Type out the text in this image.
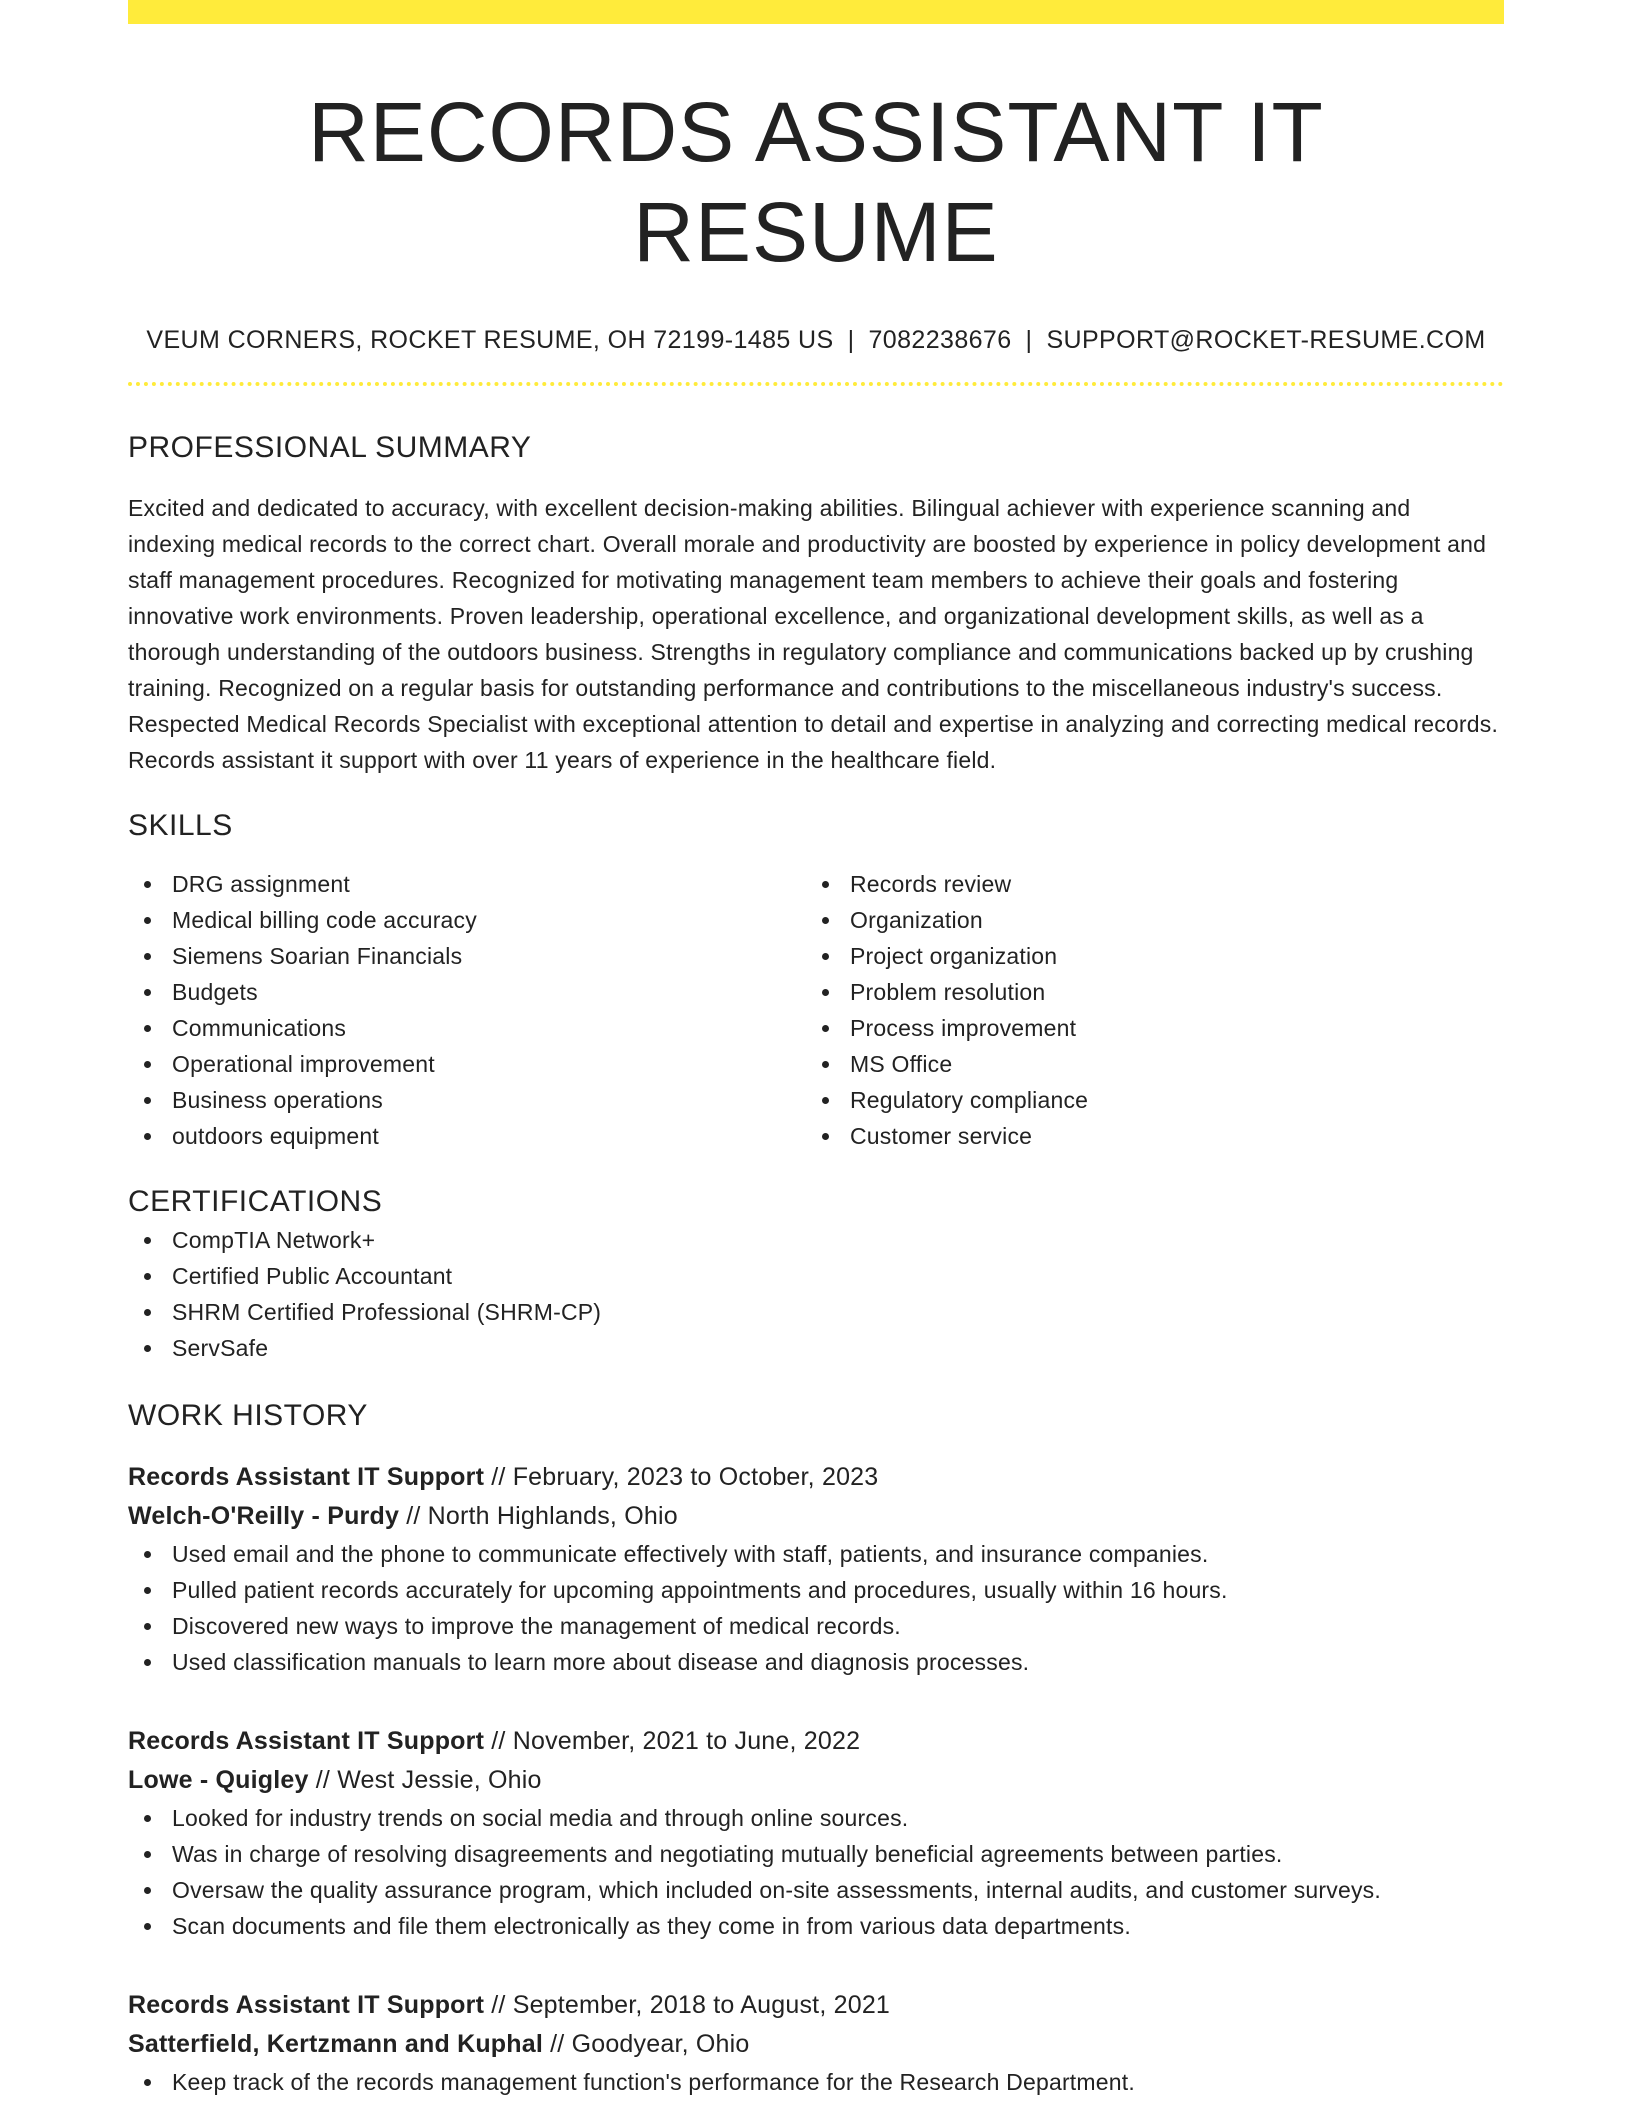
RECORDS ASSISTANT IT RESUME
VEUM CORNERS, ROCKET RESUME, OH 72199-1485 US | 7082238676 | SUPPORT@ROCKET-RESUME.COM
PROFESSIONAL SUMMARY
Excited and dedicated to accuracy, with excellent decision-making abilities. Bilingual achiever with experience scanning and indexing medical records to the correct chart. Overall morale and productivity are boosted by experience in policy development and staff management procedures. Recognized for motivating management team members to achieve their goals and fostering innovative work environments. Proven leadership, operational excellence, and organizational development skills, as well as a thorough understanding of the outdoors business. Strengths in regulatory compliance and communications backed up by crushing training. Recognized on a regular basis for outstanding performance and contributions to the miscellaneous industry's success. Respected Medical Records Specialist with exceptional attention to detail and expertise in analyzing and correcting medical records. Records assistant it support with over 11 years of experience in the healthcare field.
SKILLS
DRG assignment
Medical billing code accuracy
Siemens Soarian Financials
Budgets
Communications
Operational improvement
Business operations
outdoors equipment
Records review
Organization
Project organization
Problem resolution
Process improvement
MS Office
Regulatory compliance
Customer service
CERTIFICATIONS
CompTIA Network+
Certified Public Accountant
SHRM Certified Professional (SHRM-CP)
ServSafe
WORK HISTORY
Records Assistant IT Support // February, 2023 to October, 2023
Welch-O'Reilly - Purdy // North Highlands, Ohio
Used email and the phone to communicate effectively with staff, patients, and insurance companies.
Pulled patient records accurately for upcoming appointments and procedures, usually within 16 hours.
Discovered new ways to improve the management of medical records.
Used classification manuals to learn more about disease and diagnosis processes.
Records Assistant IT Support // November, 2021 to June, 2022
Lowe - Quigley // West Jessie, Ohio
Looked for industry trends on social media and through online sources.
Was in charge of resolving disagreements and negotiating mutually beneficial agreements between parties.
Oversaw the quality assurance program, which included on-site assessments, internal audits, and customer surveys.
Scan documents and file them electronically as they come in from various data departments.
Records Assistant IT Support // September, 2018 to August, 2021
Satterfield, Kertzmann and Kuphal // Goodyear, Ohio
Keep track of the records management function's performance for the Research Department.
